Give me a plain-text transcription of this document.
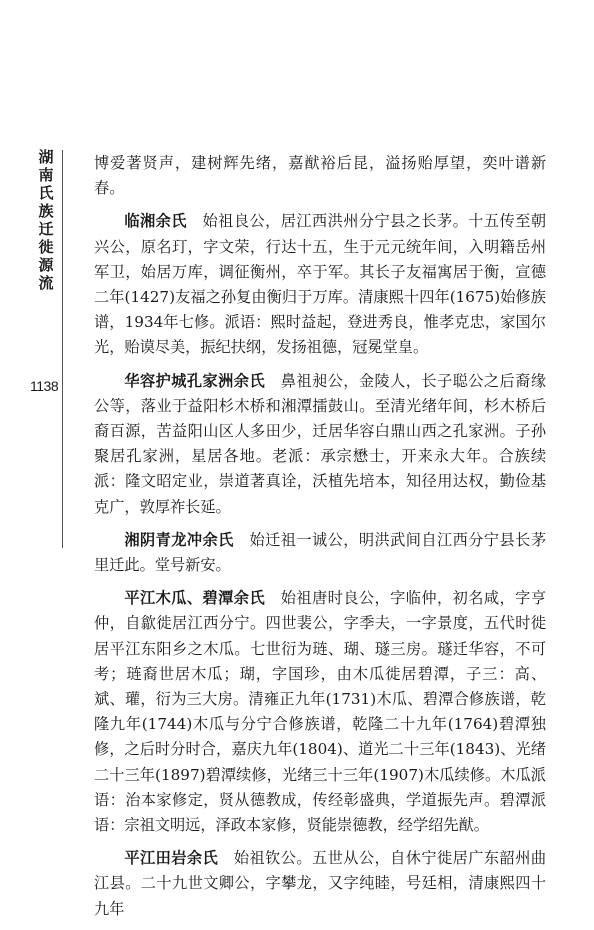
湖南氏族迁徙源流
1138

博爱著贤声，建树辉先绪，嘉猷裕后昆，溢扬贻厚望，奕叶谱新春。

临湘余氏　始祖良公，居江西洪州分宁县之长茅。十五传至朝兴公，原名玎，字文荣，行达十五，生于元元统年间，入明籍岳州军卫，始居万库，调征衡州，卒于军。其长子友福寓居于衡，宣德二年(1427)友福之孙复由衡归于万库。清康熙十四年(1675)始修族谱，1934年七修。派语：熙时益起，登进秀良，惟孝克忠，家国尔光，贻谟尽美，振纪扶纲，发扬祖德，冠冕堂皇。

华容护城孔家洲余氏　鼻祖昶公，金陵人，长子聪公之后裔缘公等，落业于益阳杉木桥和湘潭擂鼓山。至清光绪年间，杉木桥后裔百源，苦益阳山区人多田少，迁居华容白鼎山西之孔家洲。子孙聚居孔家洲，星居各地。老派：承宗懋士，开来永大年。合族续派：隆文昭定业，崇道著真诠，沃植先培本，知径用达权，勤俭基克广，敦厚祚长延。

湘阴青龙冲余氏　始迁祖一诚公，明洪武间自江西分宁县长茅里迁此。堂号新安。

平江木瓜、碧潭余氏　始祖唐时良公，字临仲，初名咸，字亨仲，自歙徙居江西分宁。四世裴公，字季夫，一字景度，五代时徙居平江东阳乡之木瓜。七世衍为琏、瑚、璲三房。璲迁华容，不可考；琏裔世居木瓜；瑚，字国珍，由木瓜徙居碧潭，子三：高、斌、瓘，衍为三大房。清雍正九年(1731)木瓜、碧潭合修族谱，乾隆九年(1744)木瓜与分宁合修族谱，乾隆二十九年(1764)碧潭独修，之后时分时合，嘉庆九年(1804)、道光二十三年(1843)、光绪二十三年(1897)碧潭续修，光绪三十三年(1907)木瓜续修。木瓜派语：治本家修定，贤从德教成，传经彰盛典，学道振先声。碧潭派语：宗祖文明远，泽政本家修，贤能崇德教，经学绍先猷。

平江田岩余氏　始祖钦公。五世从公，自休宁徙居广东韶州曲江县。二十九世文卿公，字攀龙，又字纯睦，号廷相，清康熙四十九年
